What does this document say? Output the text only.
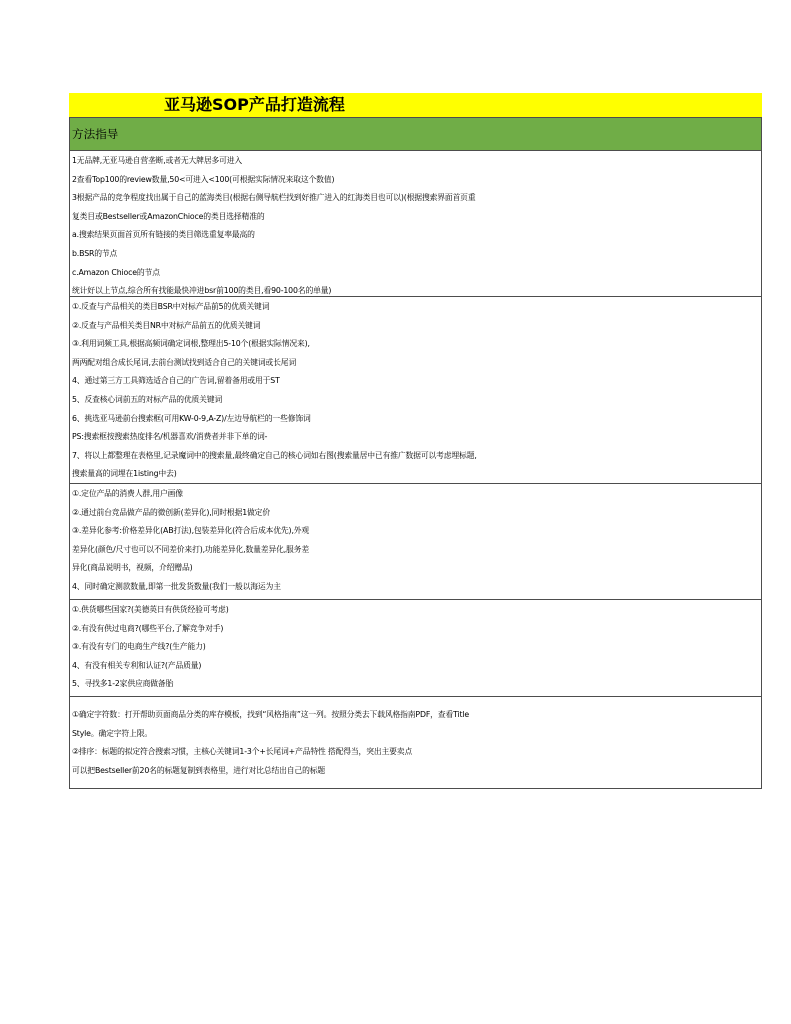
亚马逊SOP产品打造流程
方法指导
1无品牌,无亚马逊自营垄断,或者无大牌居多可进入
2查看Top100的review数量,50<可进入<100(可根据实际情况来取这个数值)
3根据产品的竞争程度找出属于自己的蓝海类目(根据右侧导航栏找到好推广进入的红海类目也可以)(根据搜索界面首页重
复类目或Bestseller或AmazonChioce的类目选择精准的
a.搜索结果页面首页所有链接的类目筛选重复率最高的
b.BSR的节点
c.Amazon Chioce的节点
统计好以上节点,综合所有找能最快冲进bsr前100的类目,看90-100名的单量)
①.反查与产品相关的类目BSR中对标产品前5的优质关键词
②.反查与产品相关类目NR中对标产品前五的优质关键词
③.利用词频工具,根据高频词确定词根,整理出5-10个(根据实际情况来),
两两配对组合成长尾词,去前台测试找到适合自己的关键词或长尾词
4、通过第三方工具筛选适合自己的广告词,留着备用或用于ST
5、反查核心词前五的对标产品的优质关键词
6、挑选亚马逊前台搜索框(可用KW-0-9,A-Z)/左边导航栏的一些修饰词
PS:搜索框按搜索热度排名/机器喜欢/消费者并非下单的词-
7、将以上都整理在表格里,记录魔词中的搜索量,最终确定自己的核心词如右图(搜索量居中已有推广数据可以考虑埋标题,
搜索量高的词埋在1isting中去)
①.定位产品的消费人群,用户画像
②.通过前台竞品做产品的微创新(差异化),同时根据1做定价
③.差异化参考:价格差异化(AB打法),包装差异化(符合后成本优先),外观
差异化(颜色/尺寸也可以不同差价来打),功能差异化,数量差异化,服务差
异化(商品说明书，视频，介绍赠品)
4、同时确定测款数量,即第一批发货数量(我们一般以海运为主
①.供货哪些国家?(美德英日有供货经验可考虑)
②.有没有供过电商?(哪些平台,了解竞争对手)
③.有没有专门的电商生产线?(生产能力)
4、有没有相关专利和认证?(产品质量)
5、寻找多1-2家供应商做备胎
①确定字符数：打开帮助页面商品分类的库存模板，找到“风格指南”这一列。按照分类去下载风格指南PDF，查看Title
Style。确定字符上限。
②排序：标题的拟定符合搜索习惯，主核心关键词1-3个+长尾词+产品特性 搭配得当，突出主要卖点
可以把Bestseller前20名的标题复制到表格里，进行对比总结出自己的标题
